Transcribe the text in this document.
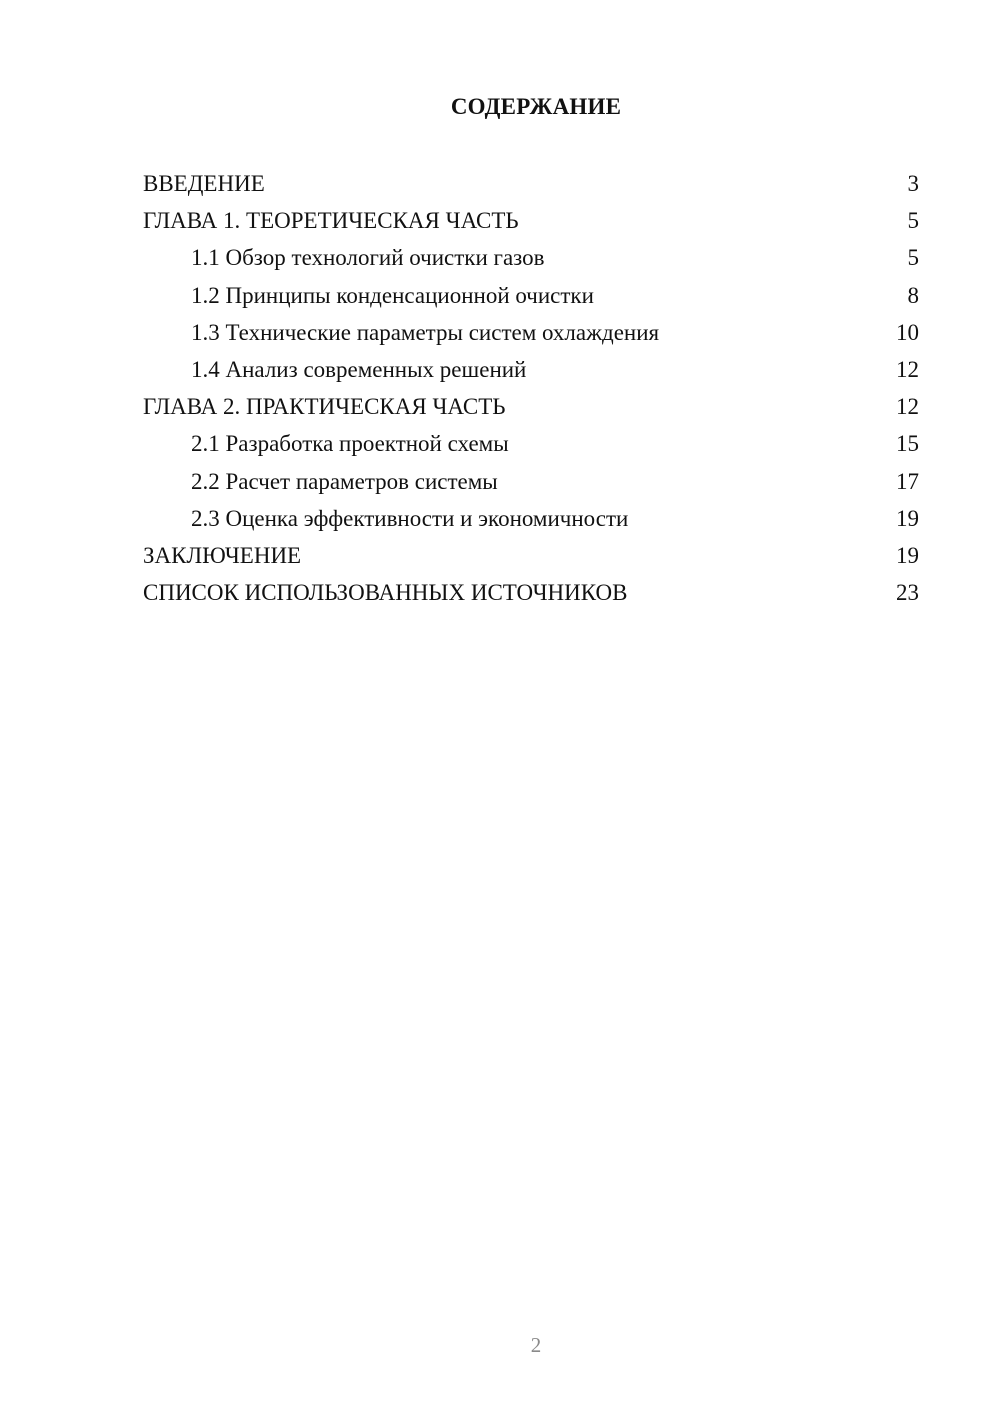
СОДЕРЖАНИЕ
ВВЕДЕНИЕ	3
ГЛАВА 1. ТЕОРЕТИЧЕСКАЯ ЧАСТЬ	5
1.1 Обзор технологий очистки газов	5
1.2 Принципы конденсационной очистки	8
1.3 Технические параметры систем охлаждения	10
1.4 Анализ современных решений	12
ГЛАВА 2. ПРАКТИЧЕСКАЯ ЧАСТЬ	12
2.1 Разработка проектной схемы	15
2.2 Расчет параметров системы	17
2.3 Оценка эффективности и экономичности	19
ЗАКЛЮЧЕНИЕ	19
СПИСОК ИСПОЛЬЗОВАННЫХ ИСТОЧНИКОВ	23
2
